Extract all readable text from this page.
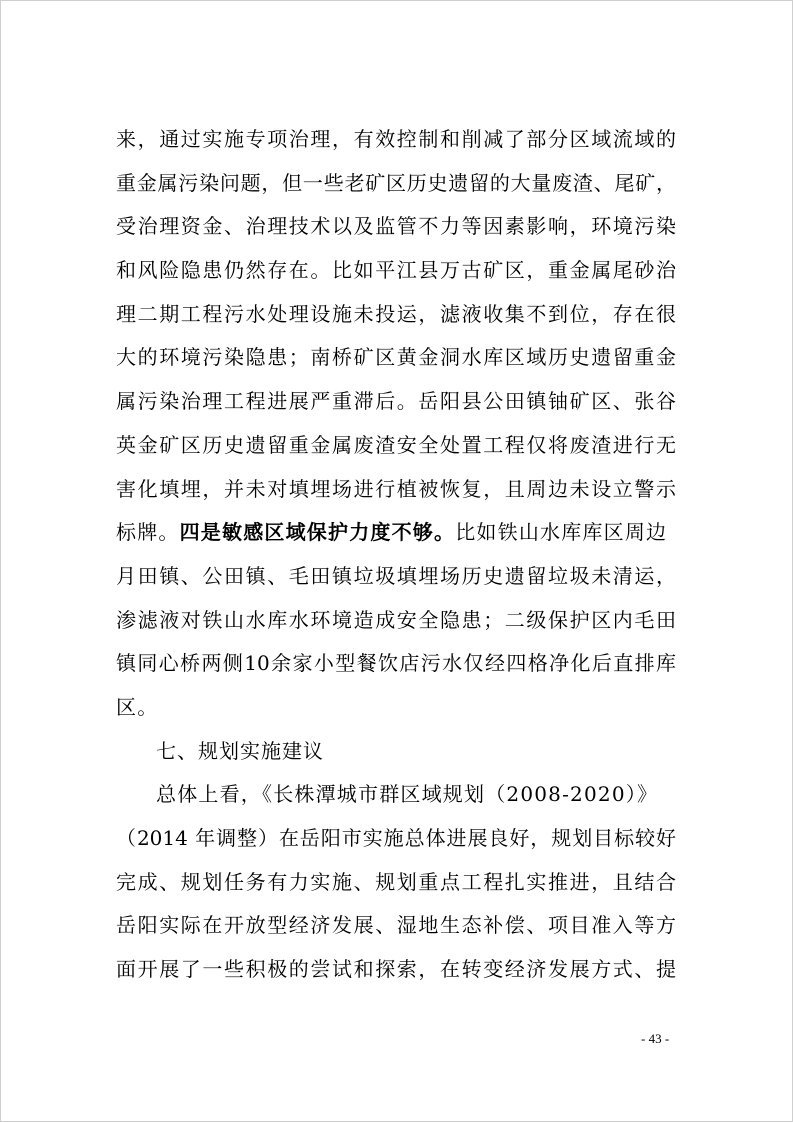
来，通过实施专项治理，有效控制和削减了部分区域流域的
重金属污染问题，但一些老矿区历史遗留的大量废渣、尾矿，
受治理资金、治理技术以及监管不力等因素影响，环境污染
和风险隐患仍然存在。比如平江县万古矿区，重金属尾砂治
理二期工程污水处理设施未投运，滤液收集不到位，存在很
大的环境污染隐患；南桥矿区黄金洞水库区域历史遗留重金
属污染治理工程进展严重滞后。岳阳县公田镇铀矿区、张谷
英金矿区历史遗留重金属废渣安全处置工程仅将废渣进行无
害化填埋，并未对填埋场进行植被恢复，且周边未设立警示
标牌。四是敏感区域保护力度不够。比如铁山水库库区周边
月田镇、公田镇、毛田镇垃圾填埋场历史遗留垃圾未清运，
渗滤液对铁山水库水环境造成安全隐患；二级保护区内毛田
镇同心桥两侧10余家小型餐饮店污水仅经四格净化后直排库
区。
七、规划实施建议
总体上看，《长株潭城市群区域规划（2008-2020）》
（2014 年调整）在岳阳市实施总体进展良好，规划目标较好
完成、规划任务有力实施、规划重点工程扎实推进，且结合
岳阳实际在开放型经济发展、湿地生态补偿、项目准入等方
面开展了一些积极的尝试和探索，在转变经济发展方式、提
- 43 -
